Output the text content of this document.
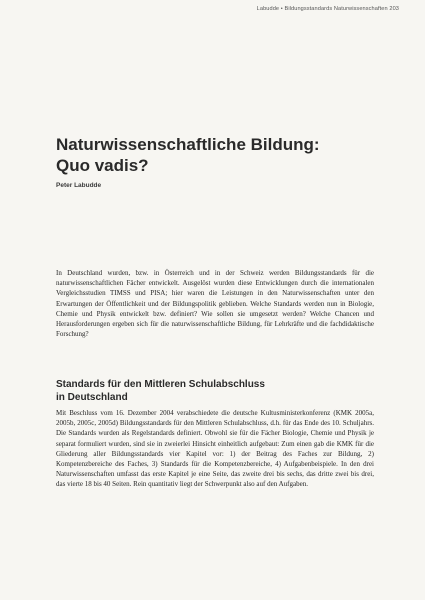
Labudde • Bildungsstandards Naturwissenschaften 203
Naturwissenschaftliche Bildung:
Quo vadis?
Peter Labudde

In Deutschland wurden, bzw. in Österreich und in der Schweiz werden Bildungsstandards für die naturwissenschaftlichen Fächer entwickelt. Ausgelöst wurden diese Entwicklungen durch die internationalen Vergleichsstudien TIMSS und PISA; hier waren die Leistungen in den Naturwissenschaften unter den Erwartungen der Öffentlichkeit und der Bildungspolitik geblieben. Welche Standards werden nun in Biologie, Chemie und Physik entwickelt bzw. definiert? Wie sollen sie umgesetzt werden? Welche Chancen und Herausforderungen ergeben sich für die naturwissenschaftliche Bildung, für Lehrkräfte und die fachdidaktische Forschung?

Standards für den Mittleren Schulabschluss
in Deutschland

Mit Beschluss vom 16. Dezember 2004 verabschiedete die deutsche Kultusministerkonferenz (KMK 2005a, 2005b, 2005c, 2005d) Bildungsstandards für den Mittleren Schulabschluss, d.h. für das Ende des 10. Schuljahrs. Die Standards wurden als Regelstandards definiert. Obwohl sie für die Fächer Biologie, Chemie und Physik je separat formuliert wurden, sind sie in zweierlei Hinsicht einheitlich aufgebaut: Zum einen gab die KMK für die Gliederung aller Bildungsstandards vier Kapitel vor: 1) der Beitrag des Faches zur Bildung, 2) Kompetenzbereiche des Faches, 3) Standards für die Kompetenzbereiche, 4) Aufgabenbeispiele. In den drei Naturwissenschaften umfasst das erste Kapitel je eine Seite, das zweite drei bis sechs, das dritte zwei bis drei, das vierte 18 bis 40 Seiten. Rein quantitativ liegt der Schwerpunkt also auf den Aufgaben.
